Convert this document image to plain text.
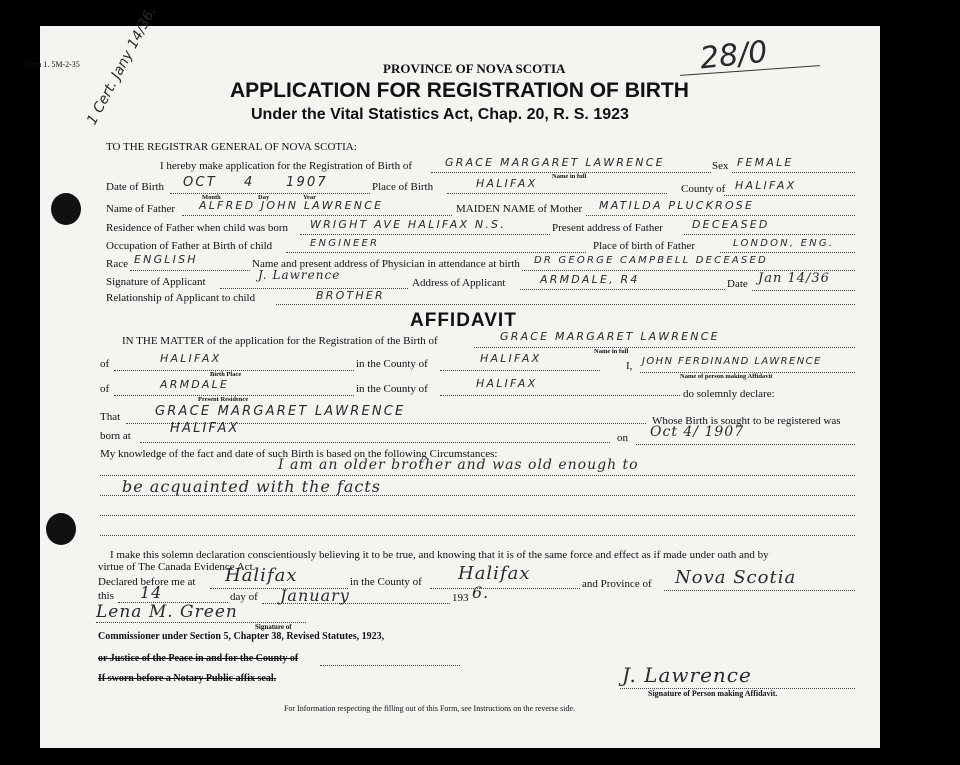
Form 1. 5M-2-35 1 Cert. Jany 14/36.	28/0
PROVINCE OF NOVA SCOTIA
APPLICATION FOR REGISTRATION OF BIRTH
Under the Vital Statistics Act, Chap. 20, R. S. 1923
TO THE REGISTRAR GENERAL OF NOVA SCOTIA:
I hereby make application for the Registration of Birth of	GRACE MARGARET LAWRENCE
Name in full
Sex FEMALE
Date of Birth OCT 4 1907
Month	Day	Year
Place of Birth	HALIFAX	County of HALIFAX
Name of Father ALFRED JOHN LAWRENCE	MAIDEN NAME of Mother MATILDA PLUCKROSE
Residence of Father when child was born WRIGHT AVE HALIFAX N.S.	Present address of Father	DECEASED
Occupation of Father at Birth of child	ENGINEER	Place of birth of Father	LONDON, ENG.
Race ENGLISH	Name and present address of Physician in attendance at birth DR GEORGE CAMPBELL DECEASED
Signature of Applicant	J. Lawrence
Address of Applicant	ARMDALE, R4	Date Jan 14/36
Relationship of Applicant to child	BROTHER
AFFIDAVIT
IN THE MATTER of the application for the Registration of the Birth of	GRACE MARGARET LAWRENCE
Name in full
of	HALIFAX
Birth Place
in the County of	HALIFAX
I, JOHN FERDINAND LAWRENCE
Name of person making Affidavit
of	ARMDALE
Present Residence
in the County of	HALIFAX
do solemnly declare:
That	GRACE MARGARET LAWRENCE
Whose Birth is sought to be registered was
born at	HALIFAX
on Oct 4/ 1907
My knowledge of the fact and date of such Birth is based on the following Circumstances:
I am an older brother and was old enough to
be acquainted with the facts
I make this solemn declaration conscientiously believing it to be true, and knowing that it is of the same force and effect as if made under oath and by
virtue of The Canada Evidence Act.
Declared before me at Halifax	in the County of Halifax	and Province of Nova Scotia
this 14	day of January	193 6.
Lena M. Green
Signature of
Commissioner under Section 5, Chapter 38, Revised Statutes, 1923,
or Justice of the Peace in and for the County of
If sworn before a Notary Public affix seal.	J. Lawrence
Signature of Person making Affidavit.
For Information respecting the filling out of this Form, see Instructions on the reverse side.
